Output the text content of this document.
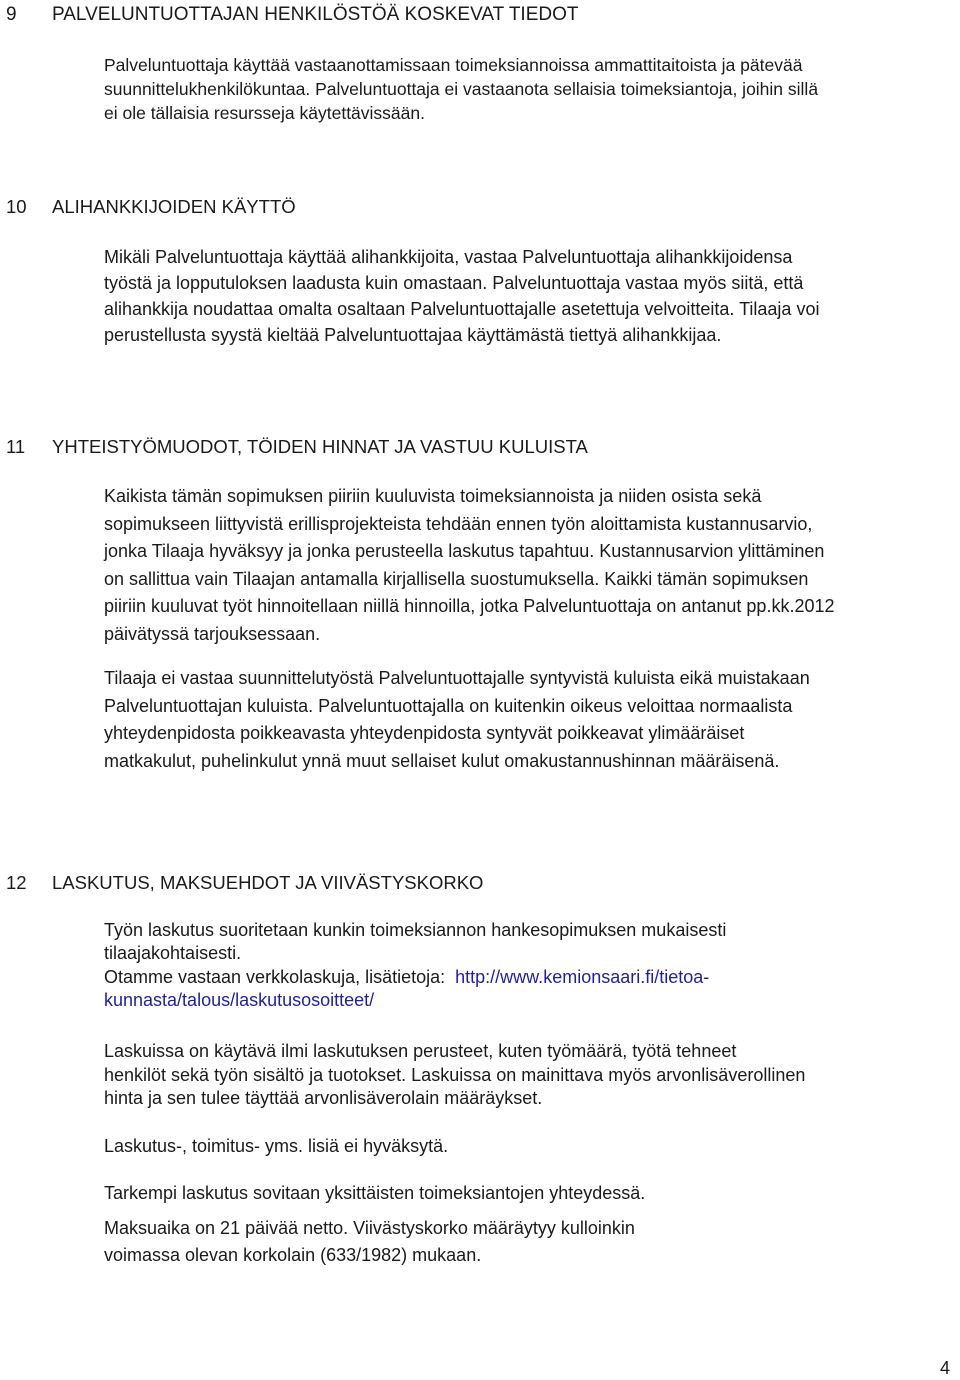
9 PALVELUNTUOTTAJAN HENKILÖSTÖÄ KOSKEVAT TIEDOT
Palveluntuottaja käyttää vastaanottamissaan toimeksiannoissa ammattitaitoista ja pätevää
suunnittelukhenkilökuntaa. Palveluntuottaja ei vastaanota sellaisia toimeksiantoja, joihin sillä
ei ole tällaisia resursseja käytettävissään.
10 ALIHANKKIJOIDEN KÄYTTÖ
Mikäli Palveluntuottaja käyttää alihankkijoita, vastaa Palveluntuottaja alihankkijoidensa
työstä ja lopputuloksen laadusta kuin omastaan. Palveluntuottaja vastaa myös siitä, että
alihankkija noudattaa omalta osaltaan Palveluntuottajalle asetettuja velvoitteita. Tilaaja voi
perustellusta syystä kieltää Palveluntuottajaa käyttämästä tiettyä alihankkijaa.
11 YHTEISTYÖMUODOT, TÖIDEN HINNAT JA VASTUU KULUISTA
Kaikista tämän sopimuksen piiriin kuuluvista toimeksiannoista ja niiden osista sekä
sopimukseen liittyvistä erillisprojekteista tehdään ennen työn aloittamista kustannusarvio,
jonka Tilaaja hyväksyy ja jonka perusteella laskutus tapahtuu. Kustannusarvion ylittäminen
on sallittua vain Tilaajan antamalla kirjallisella suostumuksella. Kaikki tämän sopimuksen
piiriin kuuluvat työt hinnoitellaan niillä hinnoilla, jotka Palveluntuottaja on antanut pp.kk.2012
päivätyssä tarjouksessaan.
Tilaaja ei vastaa suunnittelutyöstä Palveluntuottajalle syntyvistä kuluista eikä muistakaan
Palveluntuottajan kuluista. Palveluntuottajalla on kuitenkin oikeus veloittaa normaalista
yhteydenpidosta poikkeavasta yhteydenpidosta syntyvät poikkeavat ylimääräiset
matkakulut, puhelinkulut ynnä muut sellaiset kulut omakustannushinnan määräisenä.
12 LASKUTUS, MAKSUEHDOT JA VIIVÄSTYSKORKO
Työn laskutus suoritetaan kunkin toimeksiannon hankesopimuksen mukaisesti
tilaajakohtaisesti.
Otamme vastaan verkkolaskuja, lisätietoja:  http://www.kemionsaari.fi/tietoa-
kunnasta/talous/laskutusosoitteet/
Laskuissa on käytävä ilmi laskutuksen perusteet, kuten työmäärä, työtä tehneet
henkilöt sekä työn sisältö ja tuotokset. Laskuissa on mainittava myös arvonlisäverollinen
hinta ja sen tulee täyttää arvonlisäverolain määräykset.
Laskutus-, toimitus- yms. lisiä ei hyväksytä.
Tarkempi laskutus sovitaan yksittäisten toimeksiantojen yhteydessä.
Maksuaika on 21 päivää netto. Viivästyskorko määräytyy kulloinkin
voimassa olevan korkolain (633/1982) mukaan.
4
